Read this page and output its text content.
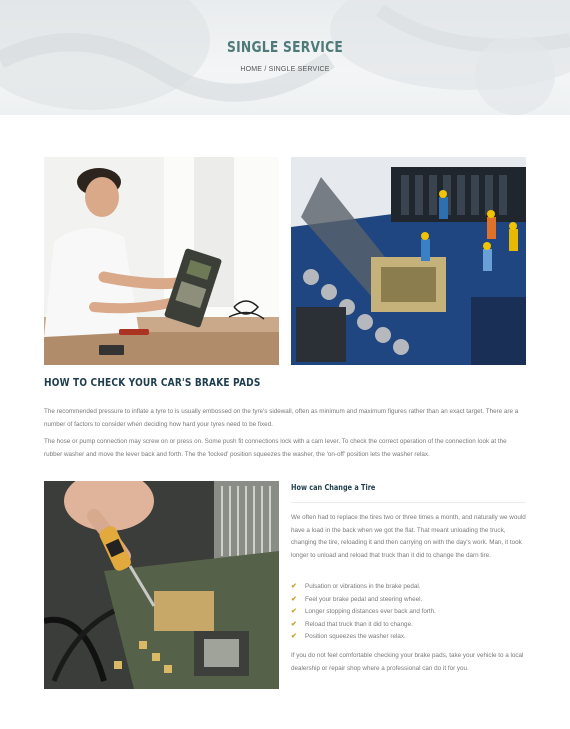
SINGLE SERVICE
HOME / SINGLE SERVICE
HOW TO CHECK YOUR CAR'S BRAKE PADS

The recommended pressure to inflate a tyre to is usually embossed on the tyre's sidewall, often as minimum and maximum figures rather than an exact target. There are a number of factors to consider when deciding how hard your tyres need to be fixed.

The hose or pump connection may screw on or press on. Some push fit connections lock with a cam lever. To check the correct operation of the connection look at the rubber washer and move the lever back and forth. The the 'locked' position squeezes the washer, the 'on-off' position lets the washer relax.

How can Change a Tire

We often had to replace the tires two or three times a month, and naturally we would have a load in the back when we got the flat. That meant unloading the truck, changing the tire, reloading it and then carrying on with the day's work. Man, it took longer to unload and reload that truck than it did to change the darn tire.

✔ Pulsation or vibrations in the brake pedal.
✔ Feel your brake pedal and steering wheel.
✔ Longer stopping distances ever back and forth.
✔ Reload that truck than it did to change.
✔ Position squeezes the washer relax.

If you do not feel comfortable checking your brake pads, take your vehicle to a local dealership or repair shop where a professional can do it for you.
